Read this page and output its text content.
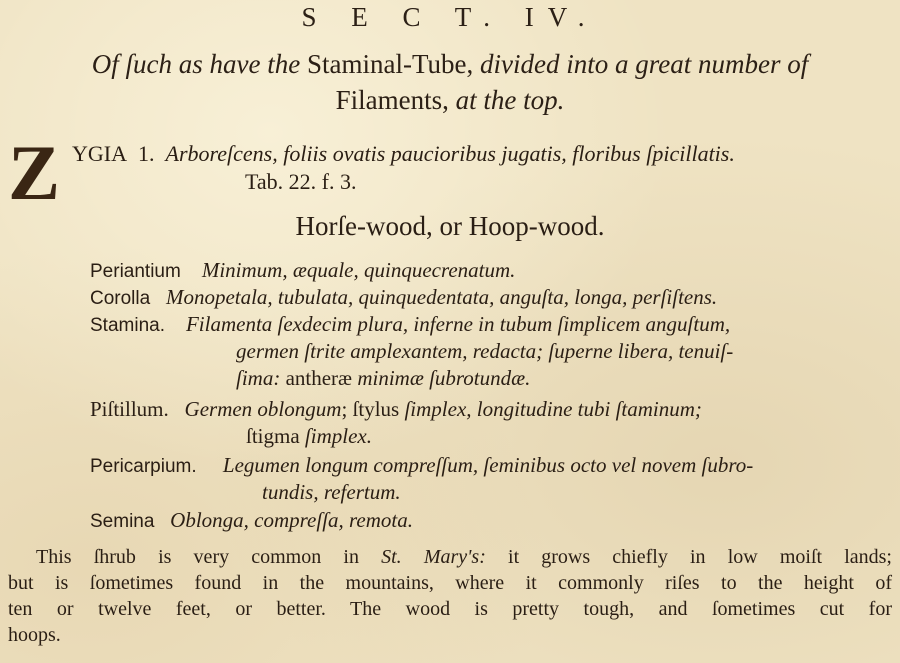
S E C T. IV.
Of ſuch as have the Staminal-Tube, divided into a great number of
Filaments, at the top.
Z YGIA 1. Arboreſcens, foliis ovatis paucioribus jugatis, floribus ſpicillatis.
Tab. 22. f. 3.
Horſe-wood, or Hoop-wood.
Periantium Minimum, æquale, quinquecrenatum.
Corolla Monopetala, tubulata, quinquedentata, anguſta, longa, perſiſtens.
Stamina. Filamenta ſexdecim plura, inferne in tubum ſimplicem anguſtum,
germen ſtrite amplexantem, redacta; ſuperne libera, tenuiſ-
ſima: antheræ minimæ ſubrotundæ.
Piſtillum. Germen oblongum; ſtylus ſimplex, longitudine tubi ſtaminum;
ſtigma ſimplex.
Pericarpium. Legumen longum compreſſum, ſeminibus octo vel novem ſubro-
tundis, refertum.
Semina Oblonga, compreſſa, remota.
This ſhrub is very common in St. Mary's: it grows chiefly in low moiſt lands;
but is ſometimes found in the mountains, where it commonly riſes to the height of
ten or twelve feet, or better. The wood is pretty tough, and ſometimes cut for
hoops.
